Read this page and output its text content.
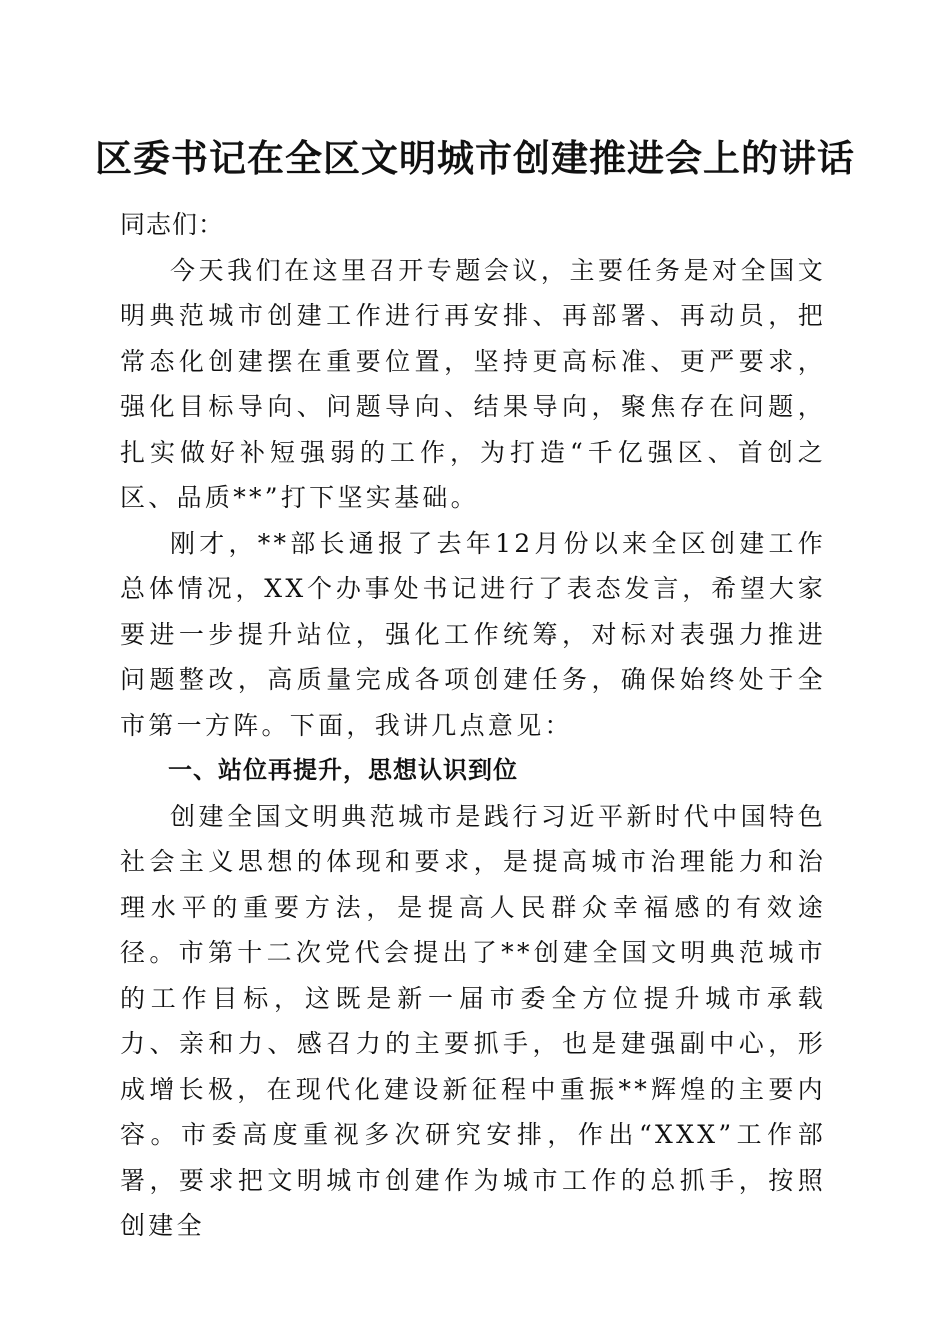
区委书记在全区文明城市创建推进会上的讲话

同志们：

今天我们在这里召开专题会议，主要任务是对全国文明典范城市创建工作进行再安排、再部署、再动员，把常态化创建摆在重要位置，坚持更高标准、更严要求，强化目标导向、问题导向、结果导向，聚焦存在问题，扎实做好补短强弱的工作，为打造“千亿强区、首创之区、品质**”打下坚实基础。

刚才，**部长通报了去年12月份以来全区创建工作总体情况，XX个办事处书记进行了表态发言，希望大家要进一步提升站位，强化工作统筹，对标对表强力推进问题整改，高质量完成各项创建任务，确保始终处于全市第一方阵。下面，我讲几点意见：

一、站位再提升，思想认识到位

创建全国文明典范城市是践行习近平新时代中国特色社会主义思想的体现和要求，是提高城市治理能力和治理水平的重要方法，是提高人民群众幸福感的有效途径。市第十二次党代会提出了**创建全国文明典范城市的工作目标，这既是新一届市委全方位提升城市承载力、亲和力、感召力的主要抓手，也是建强副中心，形成增长极，在现代化建设新征程中重振**辉煌的主要内容。市委高度重视多次研究安排，作出“XXX”工作部署，要求把文明城市创建作为城市工作的总抓手，按照创建全
